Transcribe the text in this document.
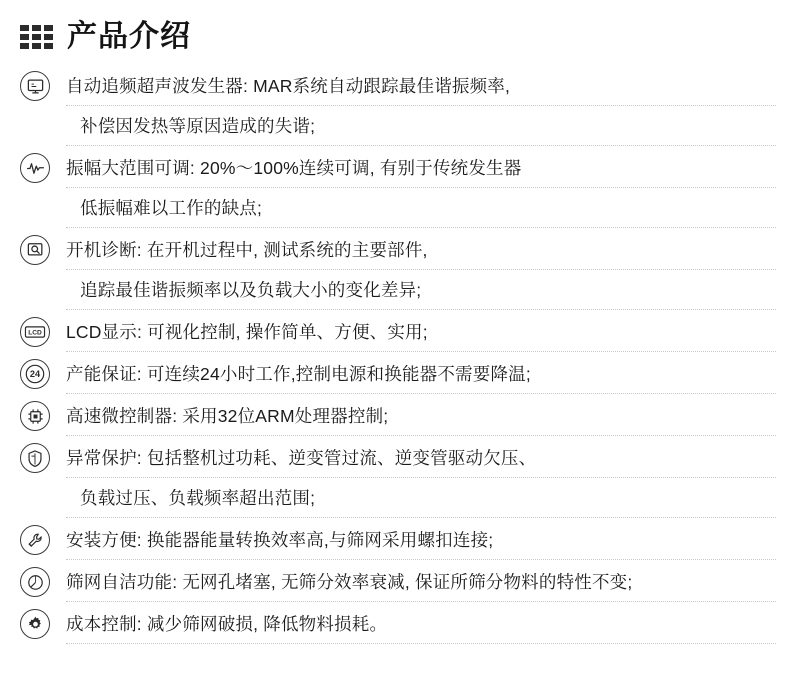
产品介绍
自动追频超声波发生器: MAR系统自动跟踪最佳谐振频率,
补偿因发热等原因造成的失谐;
振幅大范围可调: 20%～100%连续可调, 有别于传统发生器
低振幅难以工作的缺点;
开机诊断: 在开机过程中, 测试系统的主要部件,
追踪最佳谐振频率以及负载大小的变化差异;
LCD LCD显示: 可视化控制, 操作简单、方便、实用;
24 产能保证: 可连续24小时工作,控制电源和换能器不需要降温;
高速微控制器: 采用32位ARM处理器控制;
异常保护: 包括整机过功耗、逆变管过流、逆变管驱动欠压、
负载过压、负载频率超出范围;
安装方便: 换能器能量转换效率高,与筛网采用螺扣连接;
筛网自洁功能: 无网孔堵塞, 无筛分效率衰减, 保证所筛分物料的特性不变;
成本控制: 减少筛网破损, 降低物料损耗。
